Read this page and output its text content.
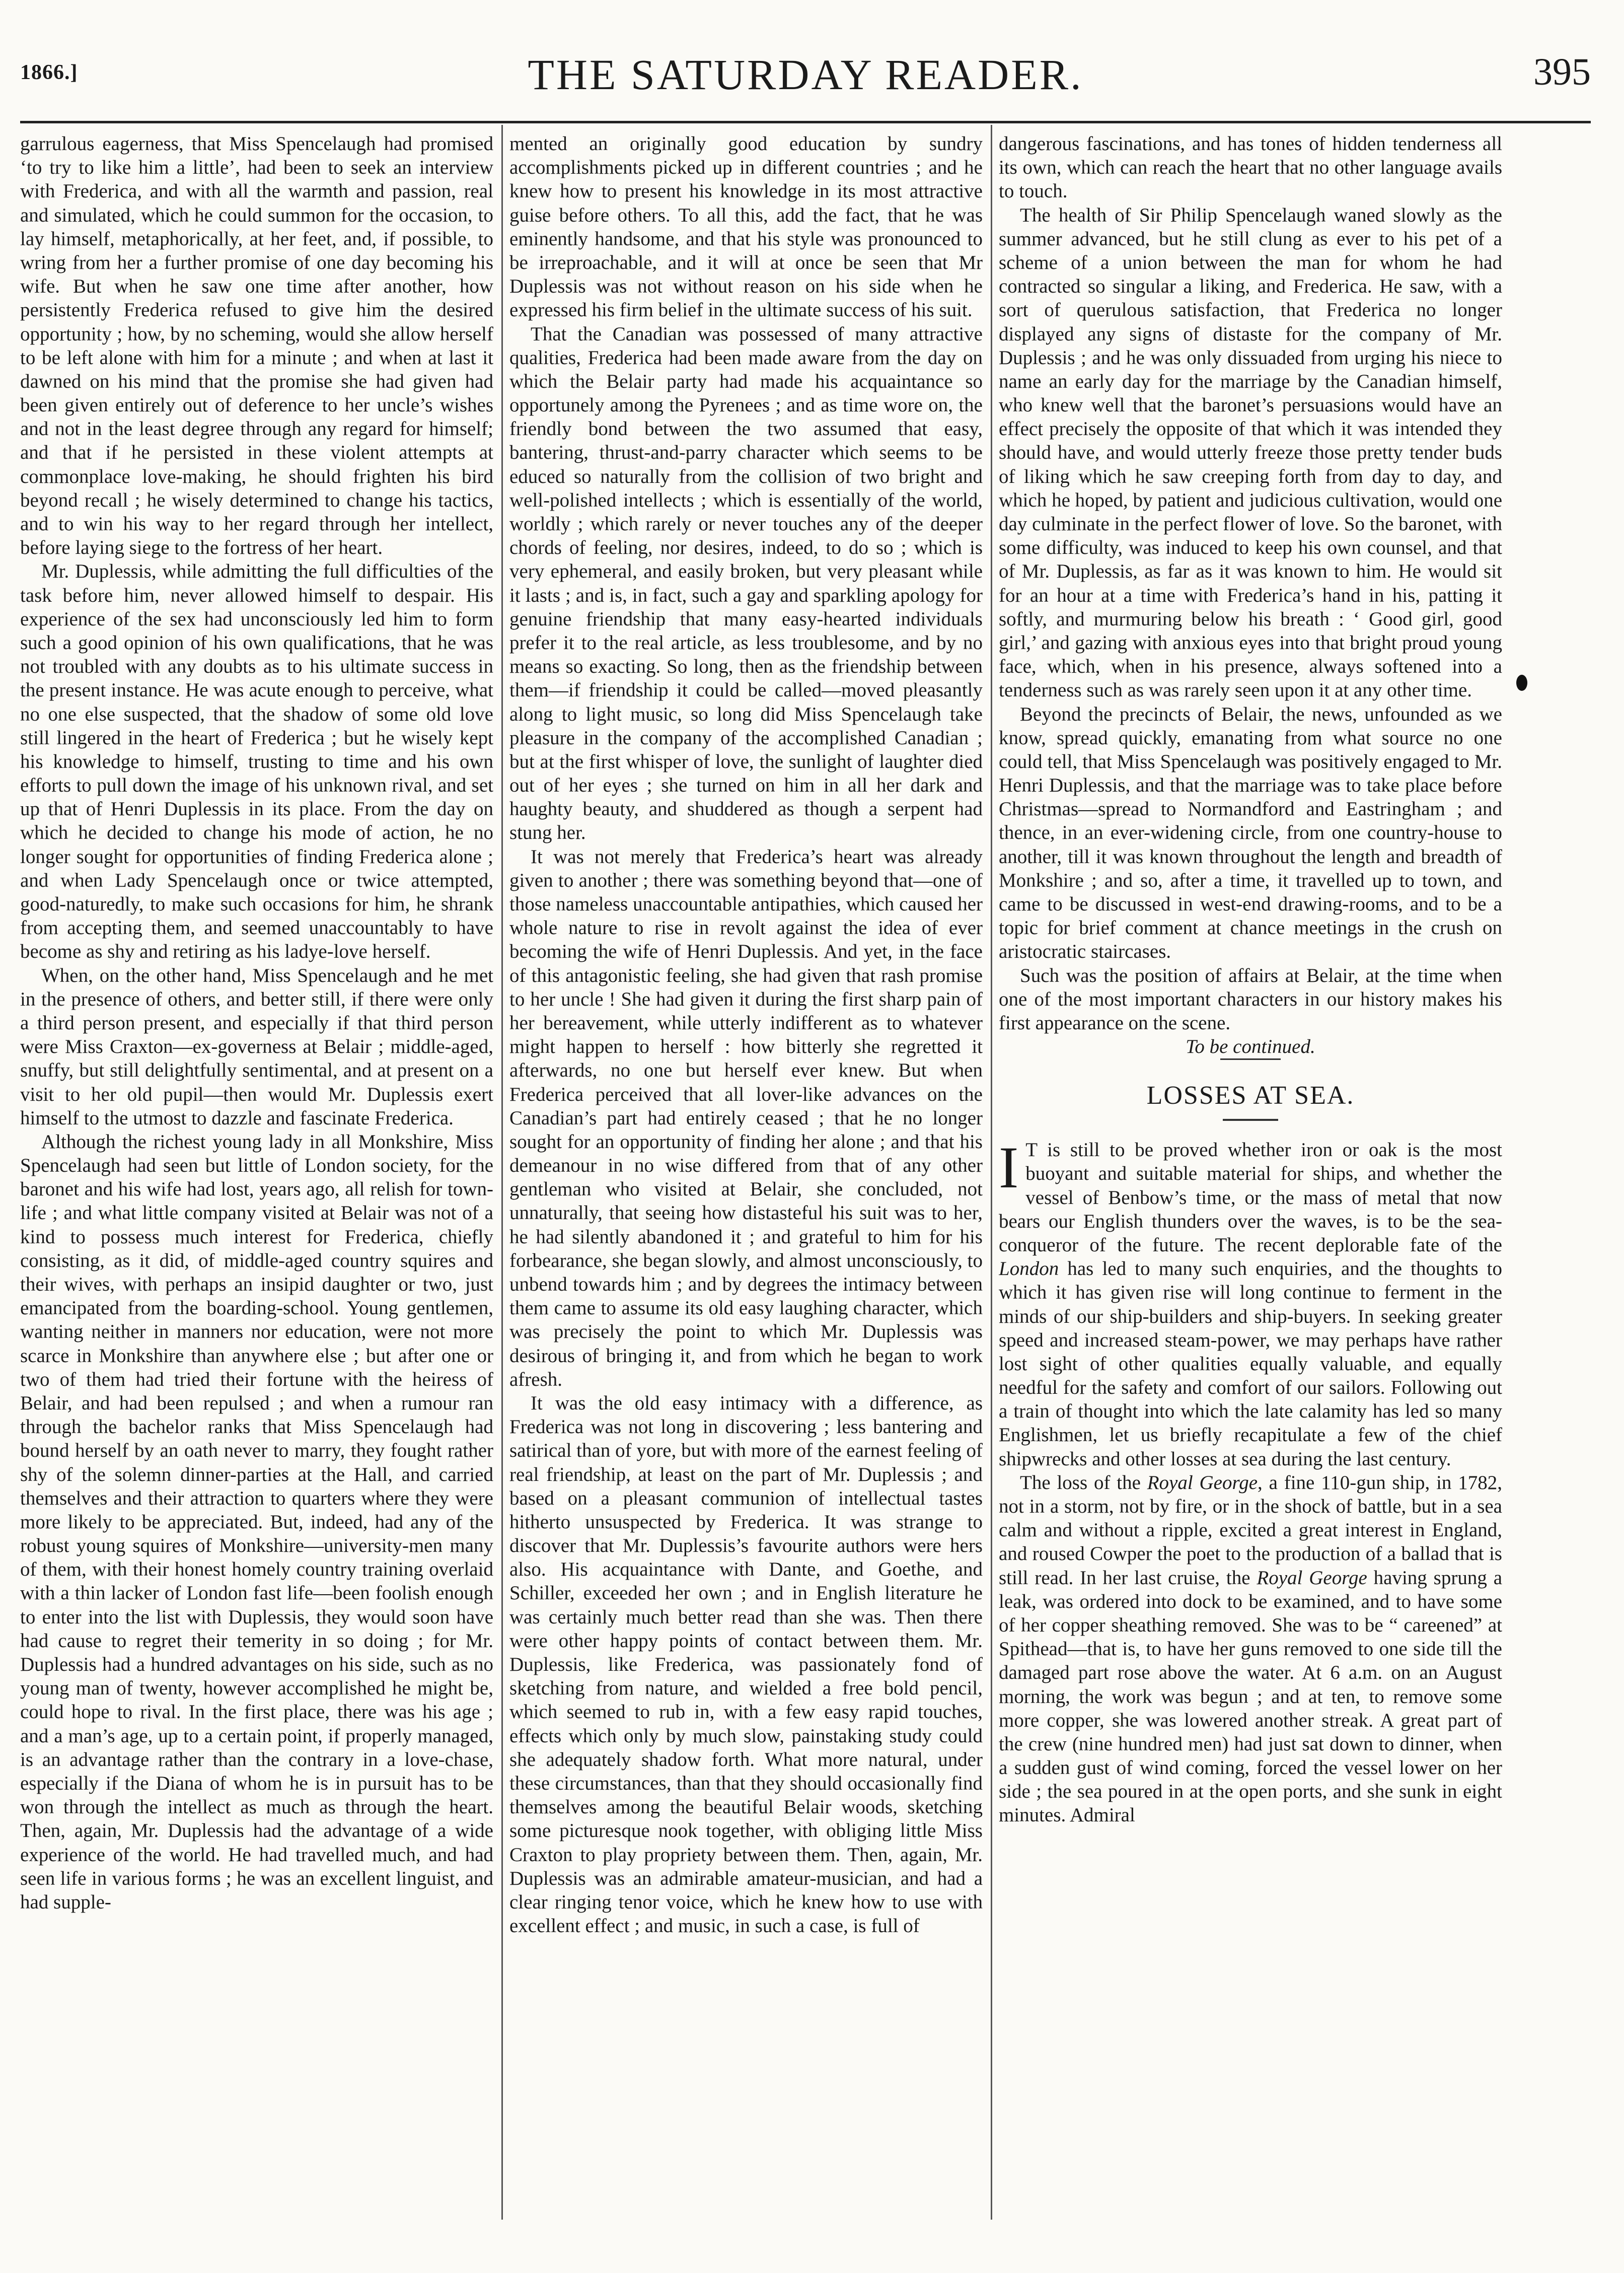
1866.]	THE SATURDAY READER.	395

garrulous eagerness, that Miss Spencelaugh had promised ‘to try to like him a little’, had been to seek an interview with Frederica, and with all the warmth and passion, real and simulated, which he could summon for the occasion, to lay himself, metaphorically, at her feet, and, if possible, to wring from her a further promise of one day becoming his wife. But when he saw one time after another, how persistently Frederica refused to give him the desired opportunity ; how, by no scheming, would she allow herself to be left alone with him for a minute ; and when at last it dawned on his mind that the promise she had given had been given entirely out of deference to her uncle’s wishes and not in the least degree through any regard for himself; and that if he persisted in these violent attempts at commonplace love-making, he should frighten his bird beyond recall ; he wisely determined to change his tactics, and to win his way to her regard through her intellect, before laying siege to the fortress of her heart.

Mr. Duplessis, while admitting the full difficulties of the task before him, never allowed himself to despair. His experience of the sex had unconsciously led him to form such a good opinion of his own qualifications, that he was not troubled with any doubts as to his ultimate success in the present instance. He was acute enough to perceive, what no one else suspected, that the shadow of some old love still lingered in the heart of Frederica ; but he wisely kept his knowledge to himself, trusting to time and his own efforts to pull down the image of his unknown rival, and set up that of Henri Duplessis in its place. From the day on which he decided to change his mode of action, he no longer sought for opportunities of finding Frederica alone ; and when Lady Spencelaugh once or twice attempted, good-naturedly, to make such occasions for him, he shrank from accepting them, and seemed unaccountably to have become as shy and retiring as his ladye-love herself.

When, on the other hand, Miss Spencelaugh and he met in the presence of others, and better still, if there were only a third person present, and especially if that third person were Miss Craxton—ex-governess at Belair ; middle-aged, snuffy, but still delightfully sentimental, and at present on a visit to her old pupil—then would Mr. Duplessis exert himself to the utmost to dazzle and fascinate Frederica.

Although the richest young lady in all Monkshire, Miss Spencelaugh had seen but little of London society, for the baronet and his wife had lost, years ago, all relish for town-life ; and what little company visited at Belair was not of a kind to possess much interest for Frederica, chiefly consisting, as it did, of middle-aged country squires and their wives, with perhaps an insipid daughter or two, just emancipated from the boarding-school. Young gentlemen, wanting neither in manners nor education, were not more scarce in Monkshire than anywhere else ; but after one or two of them had tried their fortune with the heiress of Belair, and had been repulsed ; and when a rumour ran through the bachelor ranks that Miss Spencelaugh had bound herself by an oath never to marry, they fought rather shy of the solemn dinner-parties at the Hall, and carried themselves and their attraction to quarters where they were more likely to be appreciated. But, indeed, had any of the robust young squires of Monkshire—university-men many of them, with their honest homely country training overlaid with a thin lacker of London fast life—been foolish enough to enter into the list with Duplessis, they would soon have had cause to regret their temerity in so doing ; for Mr. Duplessis had a hundred advantages on his side, such as no young man of twenty, however accomplished he might be, could hope to rival. In the first place, there was his age ; and a man’s age, up to a certain point, if properly managed, is an advantage rather than the contrary in a love-chase, especially if the Diana of whom he is in pursuit has to be won through the intellect as much as through the heart. Then, again, Mr. Duplessis had the advantage of a wide experience of the world. He had travelled much, and had seen life in various forms ; he was an excellent linguist, and had supple-

mented an originally good education by sundry accomplishments picked up in different countries ; and he knew how to present his knowledge in its most attractive guise before others. To all this, add the fact, that he was eminently handsome, and that his style was pronounced to be irreproachable, and it will at once be seen that Mr Duplessis was not without reason on his side when he expressed his firm belief in the ultimate success of his suit.

That the Canadian was possessed of many attractive qualities, Frederica had been made aware from the day on which the Belair party had made his acquaintance so opportunely among the Pyrenees ; and as time wore on, the friendly bond between the two assumed that easy, bantering, thrust-and-parry character which seems to be educed so naturally from the collision of two bright and well-polished intellects ; which is essentially of the world, worldly ; which rarely or never touches any of the deeper chords of feeling, nor desires, indeed, to do so ; which is very ephemeral, and easily broken, but very pleasant while it lasts ; and is, in fact, such a gay and sparkling apology for genuine friendship that many easy-hearted individuals prefer it to the real article, as less troublesome, and by no means so exacting. So long, then as the friendship between them—if friendship it could be called—moved pleasantly along to light music, so long did Miss Spencelaugh take pleasure in the company of the accomplished Canadian ; but at the first whisper of love, the sunlight of laughter died out of her eyes ; she turned on him in all her dark and haughty beauty, and shuddered as though a serpent had stung her.

It was not merely that Frederica’s heart was already given to another ; there was something beyond that—one of those nameless unaccountable antipathies, which caused her whole nature to rise in revolt against the idea of ever becoming the wife of Henri Duplessis. And yet, in the face of this antagonistic feeling, she had given that rash promise to her uncle ! She had given it during the first sharp pain of her bereavement, while utterly indifferent as to whatever might happen to herself : how bitterly she regretted it afterwards, no one but herself ever knew. But when Frederica perceived that all lover-like advances on the Canadian’s part had entirely ceased ; that he no longer sought for an opportunity of finding her alone ; and that his demeanour in no wise differed from that of any other gentleman who visited at Belair, she concluded, not unnaturally, that seeing how distasteful his suit was to her, he had silently abandoned it ; and grateful to him for his forbearance, she began slowly, and almost unconsciously, to unbend towards him ; and by degrees the intimacy between them came to assume its old easy laughing character, which was precisely the point to which Mr. Duplessis was desirous of bringing it, and from which he began to work afresh.

It was the old easy intimacy with a difference, as Frederica was not long in discovering ; less bantering and satirical than of yore, but with more of the earnest feeling of real friendship, at least on the part of Mr. Duplessis ; and based on a pleasant communion of intellectual tastes hitherto unsuspected by Frederica. It was strange to discover that Mr. Duplessis’s favourite authors were hers also. His acquaintance with Dante, and Goethe, and Schiller, exceeded her own ; and in English literature he was certainly much better read than she was. Then there were other happy points of contact between them. Mr. Duplessis, like Frederica, was passionately fond of sketching from nature, and wielded a free bold pencil, which seemed to rub in, with a few easy rapid touches, effects which only by much slow, painstaking study could she adequately shadow forth. What more natural, under these circumstances, than that they should occasionally find themselves among the beautiful Belair woods, sketching some picturesque nook together, with obliging little Miss Craxton to play propriety between them. Then, again, Mr. Duplessis was an admirable amateur-musician, and had a clear ringing tenor voice, which he knew how to use with excellent effect ; and music, in such a case, is full of

dangerous fascinations, and has tones of hidden tenderness all its own, which can reach the heart that no other language avails to touch.

The health of Sir Philip Spencelaugh waned slowly as the summer advanced, but he still clung as ever to his pet of a scheme of a union between the man for whom he had contracted so singular a liking, and Frederica. He saw, with a sort of querulous satisfaction, that Frederica no longer displayed any signs of distaste for the company of Mr. Duplessis ; and he was only dissuaded from urging his niece to name an early day for the marriage by the Canadian himself, who knew well that the baronet’s persuasions would have an effect precisely the opposite of that which it was intended they should have, and would utterly freeze those pretty tender buds of liking which he saw creeping forth from day to day, and which he hoped, by patient and judicious cultivation, would one day culminate in the perfect flower of love. So the baronet, with some difficulty, was induced to keep his own counsel, and that of Mr. Duplessis, as far as it was known to him. He would sit for an hour at a time with Frederica’s hand in his, patting it softly, and murmuring below his breath : ‘ Good girl, good girl,’ and gazing with anxious eyes into that bright proud young face, which, when in his presence, always softened into a tenderness such as was rarely seen upon it at any other time.

Beyond the precincts of Belair, the news, unfounded as we know, spread quickly, emanating from what source no one could tell, that Miss Spencelaugh was positively engaged to Mr. Henri Duplessis, and that the marriage was to take place before Christmas—spread to Normandford and Eastringham ; and thence, in an ever-widening circle, from one country-house to another, till it was known throughout the length and breadth of Monkshire ; and so, after a time, it travelled up to town, and came to be discussed in west-end drawing-rooms, and to be a topic for brief comment at chance meetings in the crush on aristocratic staircases.

Such was the position of affairs at Belair, at the time when one of the most important characters in our history makes his first appearance on the scene.

To be continued.

LOSSES AT SEA.

I T is still to be proved whether iron or oak is the most buoyant and suitable material for ships, and whether the vessel of Benbow’s time, or the mass of metal that now bears our English thunders over the waves, is to be the sea-conqueror of the future. The recent deplorable fate of the London has led to many such enquiries, and the thoughts to which it has given rise will long continue to ferment in the minds of our ship-builders and ship-buyers. In seeking greater speed and increased steam-power, we may perhaps have rather lost sight of other qualities equally valuable, and equally needful for the safety and comfort of our sailors. Following out a train of thought into which the late calamity has led so many Englishmen, let us briefly recapitulate a few of the chief shipwrecks and other losses at sea during the last century.

The loss of the Royal George, a fine 110-gun ship, in 1782, not in a storm, not by fire, or in the shock of battle, but in a sea calm and without a ripple, excited a great interest in England, and roused Cowper the poet to the production of a ballad that is still read. In her last cruise, the Royal George having sprung a leak, was ordered into dock to be examined, and to have some of her copper sheathing removed. She was to be “ careened” at Spithead—that is, to have her guns removed to one side till the damaged part rose above the water. At 6 a.m. on an August morning, the work was begun ; and at ten, to remove some more copper, she was lowered another streak. A great part of the crew (nine hundred men) had just sat down to dinner, when a sudden gust of wind coming, forced the vessel lower on her side ; the sea poured in at the open ports, and she sunk in eight minutes. Admiral
